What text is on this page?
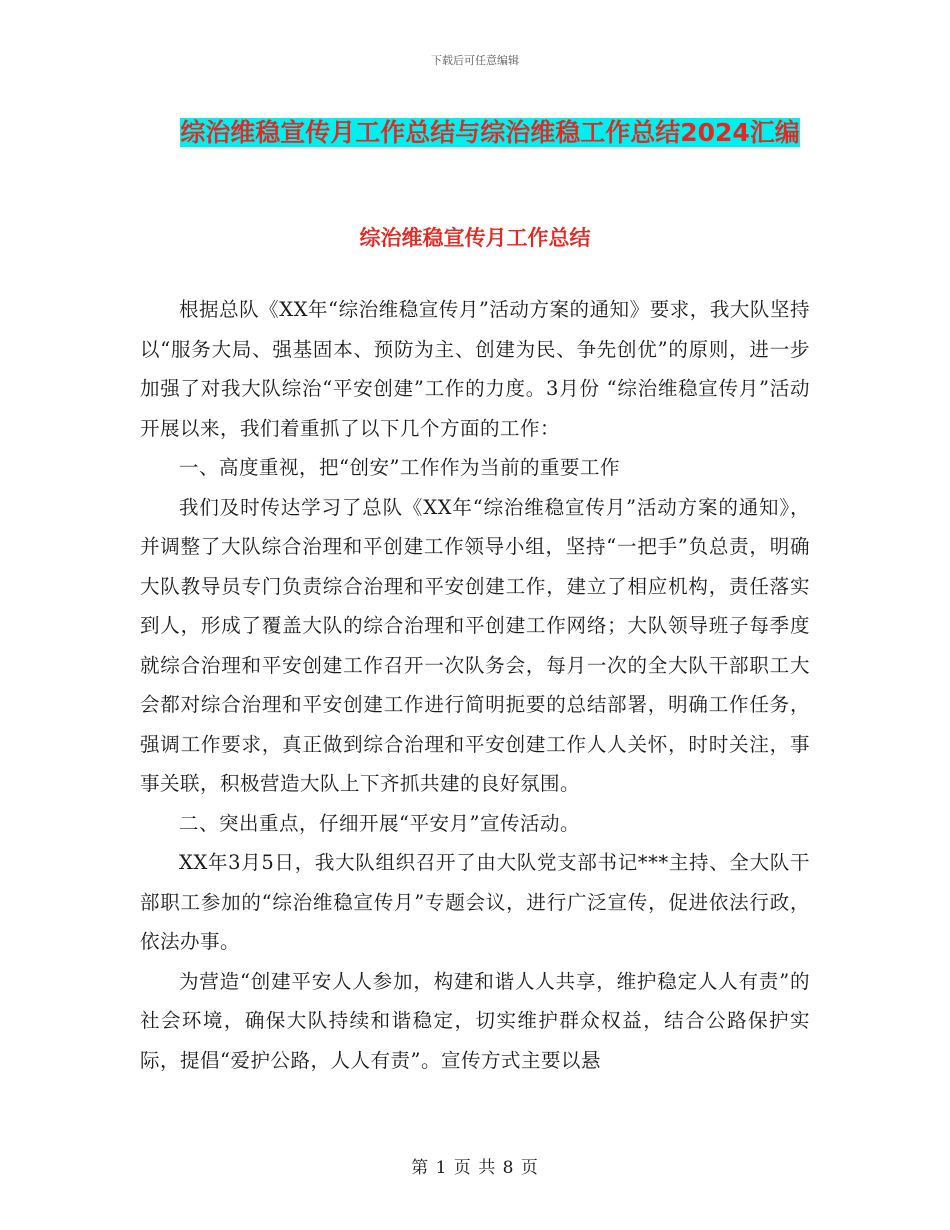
下载后可任意编辑
综治维稳宣传月工作总结与综治维稳工作总结2024汇编
综治维稳宣传月工作总结

根据总队《XX年“综治维稳宣传月”活动方案的通知》要求，我大队坚持以“服务大局、强基固本、预防为主、创建为民、争先创优”的原则，进一步加强了对我大队综治“平安创建”工作的力度。3月份 “综治维稳宣传月”活动开展以来，我们着重抓了以下几个方面的工作：

一、高度重视，把“创安”工作作为当前的重要工作

我们及时传达学习了总队《XX年“综治维稳宣传月”活动方案的通知》，并调整了大队综合治理和平创建工作领导小组，坚持“一把手”负总责，明确大队教导员专门负责综合治理和平安创建工作，建立了相应机构，责任落实到人，形成了覆盖大队的综合治理和平创建工作网络；大队领导班子每季度就综合治理和平安创建工作召开一次队务会，每月一次的全大队干部职工大会都对综合治理和平安创建工作进行简明扼要的总结部署，明确工作任务，强调工作要求，真正做到综合治理和平安创建工作人人关怀，时时关注，事事关联，积极营造大队上下齐抓共建的良好氛围。

二、突出重点，仔细开展“平安月”宣传活动。

XX年3月5日，我大队组织召开了由大队党支部书记***主持、全大队干部职工参加的“综治维稳宣传月”专题会议，进行广泛宣传，促进依法行政，依法办事。

为营造“创建平安人人参加，构建和谐人人共享，维护稳定人人有责”的社会环境，确保大队持续和谐稳定，切实维护群众权益，结合公路保护实际，提倡“爱护公路，人人有责”。宣传方式主要以悬

第 1 页 共 8 页
